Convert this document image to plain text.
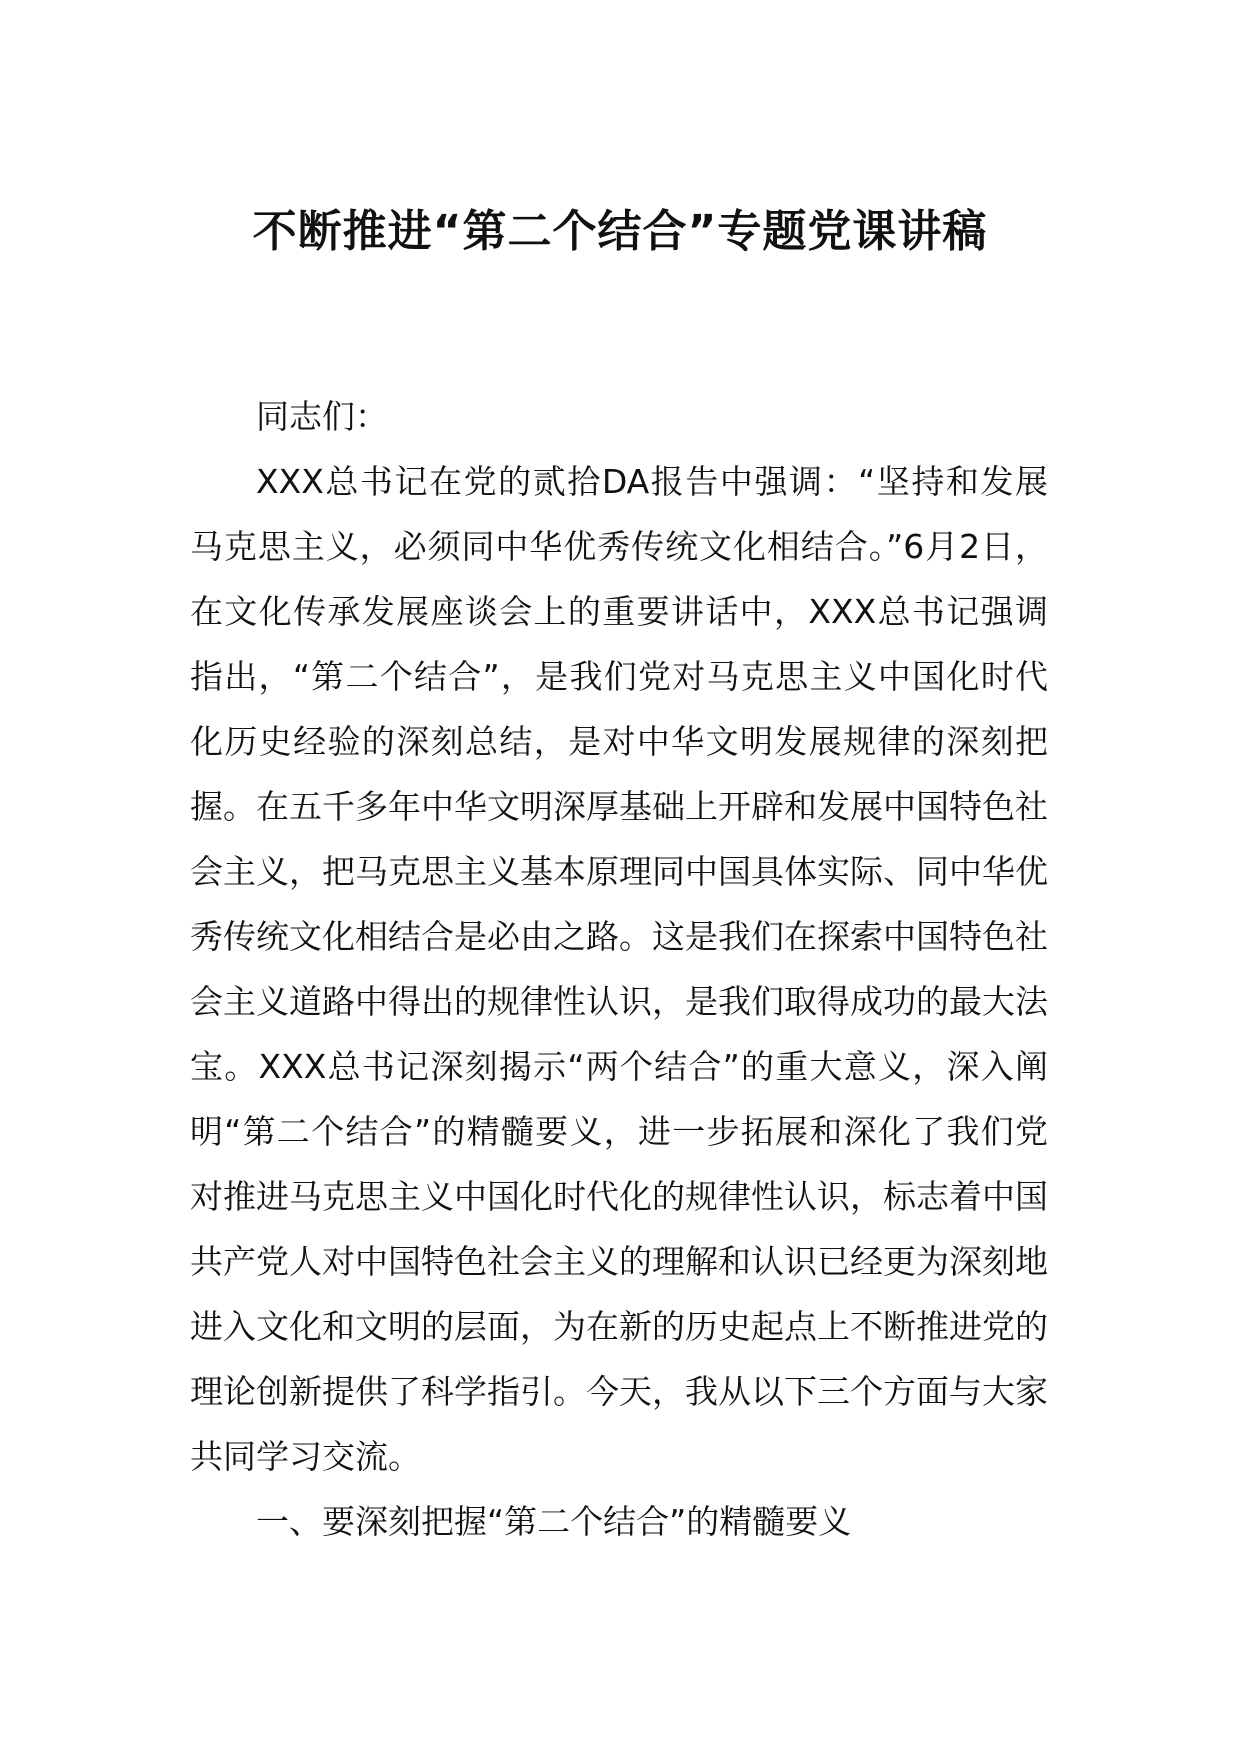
不断推进“第二个结合”专题党课讲稿

同志们：

XXX总书记在党的贰拾DA报告中强调：“坚持和发展马克思主义，必须同中华优秀传统文化相结合。”6月2日，在文化传承发展座谈会上的重要讲话中，XXX总书记强调指出，“第二个结合”，是我们党对马克思主义中国化时代化历史经验的深刻总结，是对中华文明发展规律的深刻把握。在五千多年中华文明深厚基础上开辟和发展中国特色社会主义，把马克思主义基本原理同中国具体实际、同中华优秀传统文化相结合是必由之路。这是我们在探索中国特色社会主义道路中得出的规律性认识，是我们取得成功的最大法宝。XXX总书记深刻揭示“两个结合”的重大意义，深入阐明“第二个结合”的精髓要义，进一步拓展和深化了我们党对推进马克思主义中国化时代化的规律性认识，标志着中国共产党人对中国特色社会主义的理解和认识已经更为深刻地进入文化和文明的层面，为在新的历史起点上不断推进党的理论创新提供了科学指引。今天，我从以下三个方面与大家共同学习交流。

一、要深刻把握“第二个结合”的精髓要义
